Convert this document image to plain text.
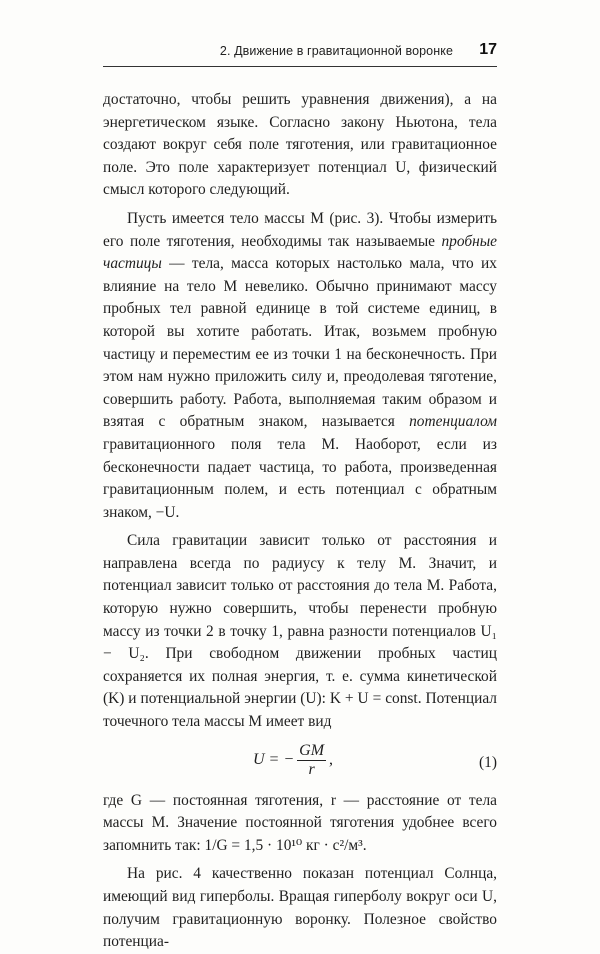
2. Движение в гравитационной воронке 17

достаточно, чтобы решить уравнения движения), а на энергетическом языке. Согласно закону Ньютона, тела создают вокруг себя поле тяготения, или гравитационное поле. Это поле характеризует потенциал U, физический смысл которого следующий.

Пусть имеется тело массы M (рис. 3). Чтобы измерить его поле тяготения, необходимы так называемые пробные частицы — тела, масса которых настолько мала, что их влияние на тело M невелико. Обычно принимают массу пробных тел равной единице в той системе единиц, в которой вы хотите работать. Итак, возьмем пробную частицу и переместим ее из точки 1 на бесконечность. При этом нам нужно приложить силу и, преодолевая тяготение, совершить работу. Работа, выполняемая таким образом и взятая с обратным знаком, называется потенциалом гравитационного поля тела M. Наоборот, если из бесконечности падает частица, то работа, произведенная гравитационным полем, и есть потенциал с обратным знаком, −U.

Сила гравитации зависит только от расстояния и направлена всегда по радиусу к телу M. Значит, и потенциал зависит только от расстояния до тела M. Работа, которую нужно совершить, чтобы перенести пробную массу из точки 2 в точку 1, равна разности потенциалов U₁ − U₂. При свободном движении пробных частиц сохраняется их полная энергия, т. е. сумма кинетической (K) и потенциальной энергии (U): K + U = const. Потенциал точечного тела массы M имеет вид

U = − $\frac{GM}{r}$ ,	(1)

где G — постоянная тяготения, r — расстояние от тела массы M. Значение постоянной тяготения удобнее всего запомнить так: 1/G = 1,5 · 10¹⁰ кг · с²/м³.

На рис. 4 качественно показан потенциал Солнца, имеющий вид гиперболы. Вращая гиперболу вокруг оси U, получим гравитационную воронку. Полезное свойство потенциа-
